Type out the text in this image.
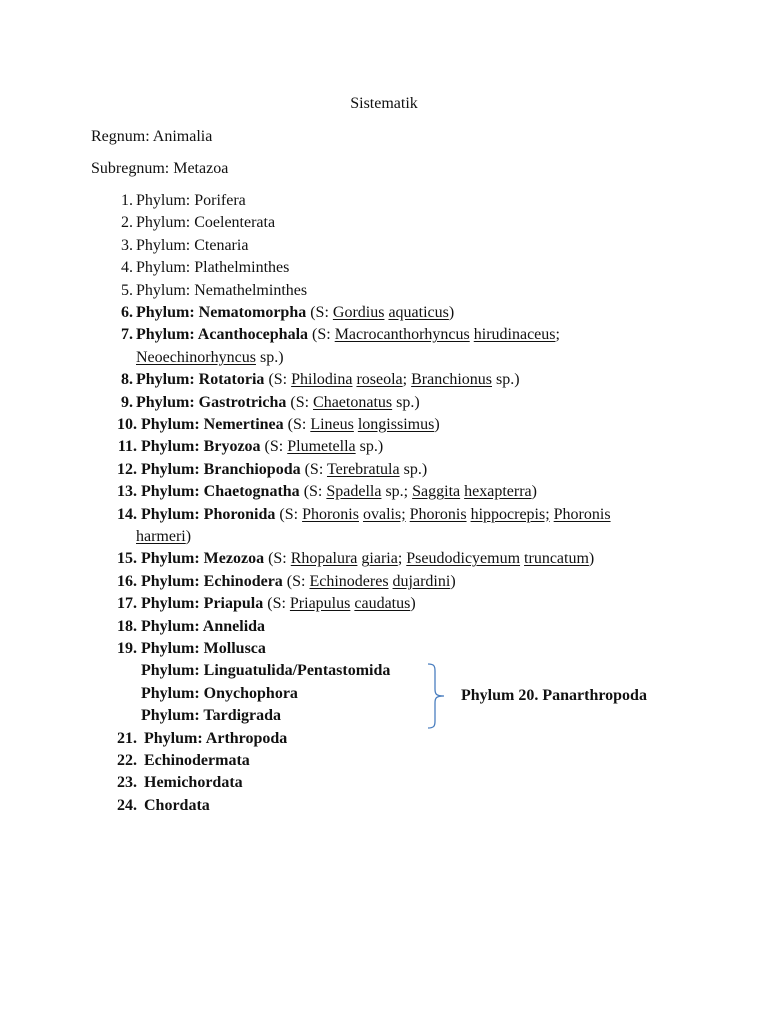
Sistematik
Regnum: Animalia
Subregnum: Metazoa
1. Phylum: Porifera
2. Phylum: Coelenterata
3. Phylum: Ctenaria
4. Phylum: Plathelminthes
5. Phylum: Nemathelminthes
6. Phylum: Nematomorpha (S: Gordius aquaticus)
7. Phylum: Acanthocephala (S: Macrocanthorhyncus hirudinaceus;
Neoechinorhyncus sp.)
8. Phylum: Rotatoria (S: Philodina roseola; Branchionus sp.)
9. Phylum: Gastrotricha (S: Chaetonatus sp.)
10. Phylum: Nemertinea (S: Lineus longissimus)
11. Phylum: Bryozoa (S: Plumetella sp.)
12. Phylum: Branchiopoda (S: Terebratula sp.)
13. Phylum: Chaetognatha (S: Spadella sp.; Saggita hexapterra)
14. Phylum: Phoronida (S: Phoronis ovalis; Phoronis hippocrepis; Phoronis
harmeri)
15. Phylum: Mezozoa (S: Rhopalura giaria; Pseudodicyemum truncatum)
16. Phylum: Echinodera (S: Echinoderes dujardini)
17. Phylum: Priapula (S: Priapulus caudatus)
18. Phylum: Annelida
19. Phylum: Mollusca
Phylum: Linguatulida/Pentastomida
Phylum: Onychophora
Phylum: Tardigrada
21. Phylum: Arthropoda
22. Echinodermata
23. Hemichordata
24. Chordata
Phylum 20. Panarthropoda
